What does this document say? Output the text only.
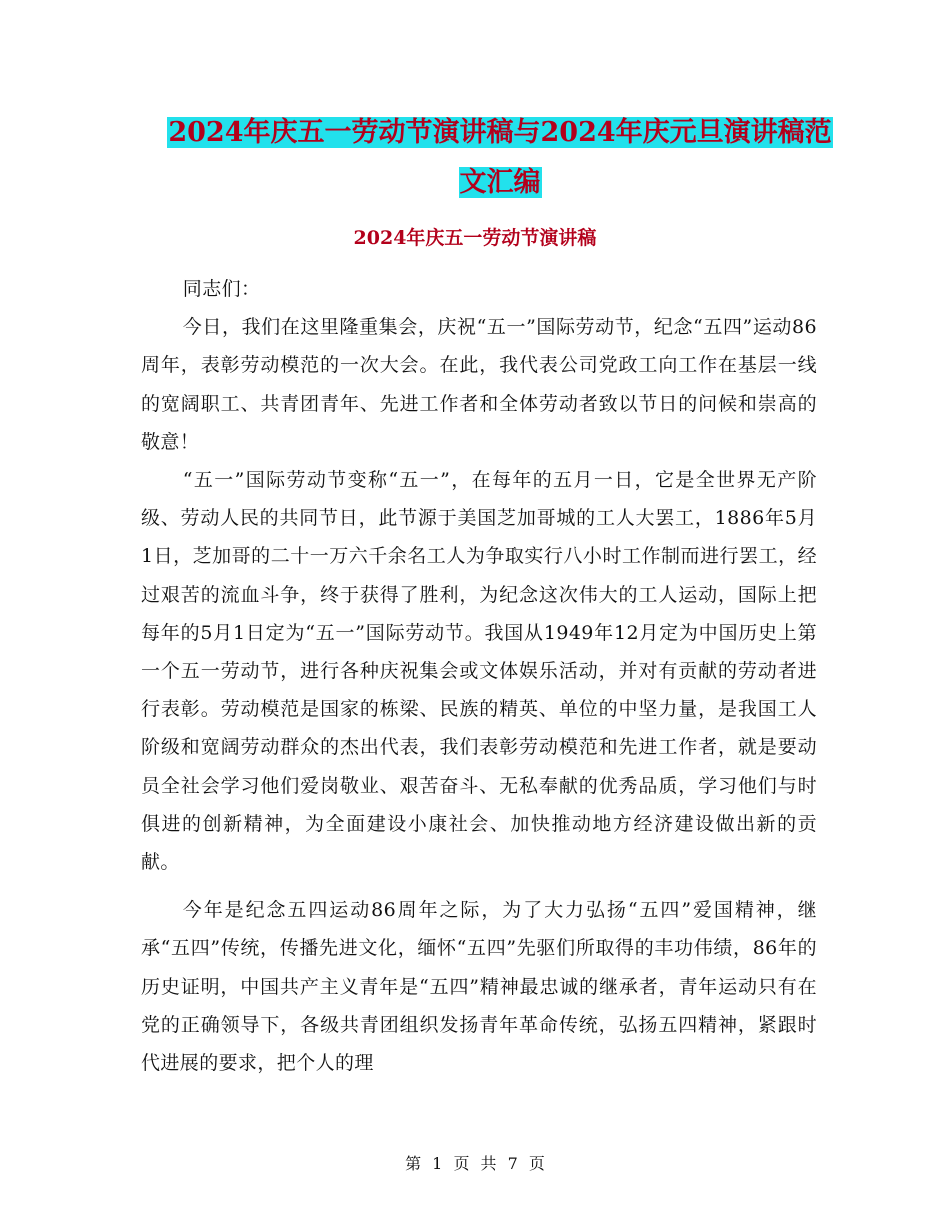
2024年庆五一劳动节演讲稿与2024年庆元旦演讲稿范
文汇编
2024年庆五一劳动节演讲稿

同志们：

今日，我们在这里隆重集会，庆祝“五一”国际劳动节，纪念“五四”运动86周年，表彰劳动模范的一次大会。在此，我代表公司党政工向工作在基层一线的宽阔职工、共青团青年、先进工作者和全体劳动者致以节日的问候和崇高的敬意！

“五一”国际劳动节变称“五一”，在每年的五月一日，它是全世界无产阶级、劳动人民的共同节日，此节源于美国芝加哥城的工人大罢工，1886年5月1日，芝加哥的二十一万六千余名工人为争取实行八小时工作制而进行罢工，经过艰苦的流血斗争，终于获得了胜利，为纪念这次伟大的工人运动，国际上把每年的5月1日定为“五一”国际劳动节。我国从1949年12月定为中国历史上第一个五一劳动节，进行各种庆祝集会或文体娱乐活动，并对有贡献的劳动者进行表彰。劳动模范是国家的栋梁、民族的精英、单位的中坚力量，是我国工人阶级和宽阔劳动群众的杰出代表，我们表彰劳动模范和先进工作者，就是要动员全社会学习他们爱岗敬业、艰苦奋斗、无私奉献的优秀品质，学习他们与时俱进的创新精神，为全面建设小康社会、加快推动地方经济建设做出新的贡献。

今年是纪念五四运动86周年之际，为了大力弘扬“五四”爱国精神，继承“五四”传统，传播先进文化，缅怀“五四”先驱们所取得的丰功伟绩，86年的历史证明，中国共产主义青年是“五四”精神最忠诚的继承者，青年运动只有在党的正确领导下，各级共青团组织发扬青年革命传统，弘扬五四精神，紧跟时代进展的要求，把个人的理

第 1 页 共 7 页
